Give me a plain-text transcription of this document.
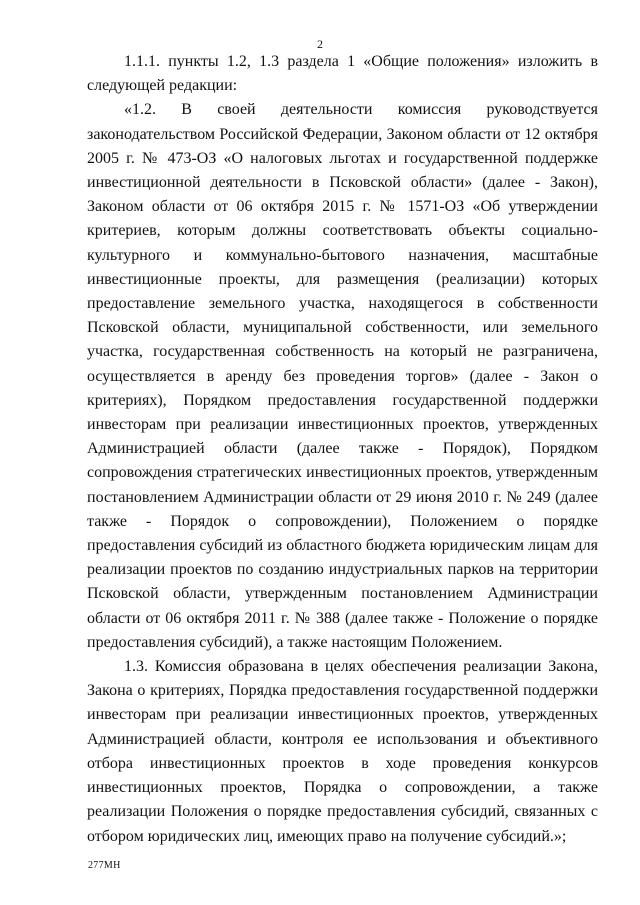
2

1.1.1. пункты 1.2, 1.3 раздела 1 «Общие положения» изложить в следующей редакции:

«1.2. В своей деятельности комиссия руководствуется законодательством Российской Федерации, Законом области от 12 октября 2005 г. № 473-ОЗ «О налоговых льготах и государственной поддержке инвестиционной деятельности в Псковской области» (далее - Закон), Законом области от 06 октября 2015 г. № 1571-ОЗ «Об утверждении критериев, которым должны соответствовать объекты социально-культурного и коммунально-бытового назначения, масштабные инвестиционные проекты, для размещения (реализации) которых предоставление земельного участка, находящегося в собственности Псковской области, муниципальной собственности, или земельного участка, государственная собственность на который не разграничена, осуществляется в аренду без проведения торгов» (далее - Закон о критериях), Порядком предоставления государственной поддержки инвесторам при реализации инвестиционных проектов, утвержденных Администрацией области (далее также - Порядок), Порядком сопровождения стратегических инвестиционных проектов, утвержденным постановлением Администрации области от 29 июня 2010 г. № 249 (далее также - Порядок о сопровождении), Положением о порядке предоставления субсидий из областного бюджета юридическим лицам для реализации проектов по созданию индустриальных парков на территории Псковской области, утвержденным постановлением Администрации области от 06 октября 2011 г. № 388 (далее также - Положение о порядке предоставления субсидий), а также настоящим Положением.

1.3. Комиссия образована в целях обеспечения реализации Закона, Закона о критериях, Порядка предоставления государственной поддержки инвесторам при реализации инвестиционных проектов, утвержденных Администрацией области, контроля ее использования и объективного отбора инвестиционных проектов в ходе проведения конкурсов инвестиционных проектов, Порядка о сопровождении, а также реализации Положения о порядке предоставления субсидий, связанных с отбором юридических лиц, имеющих право на получение субсидий.»;

277МН
